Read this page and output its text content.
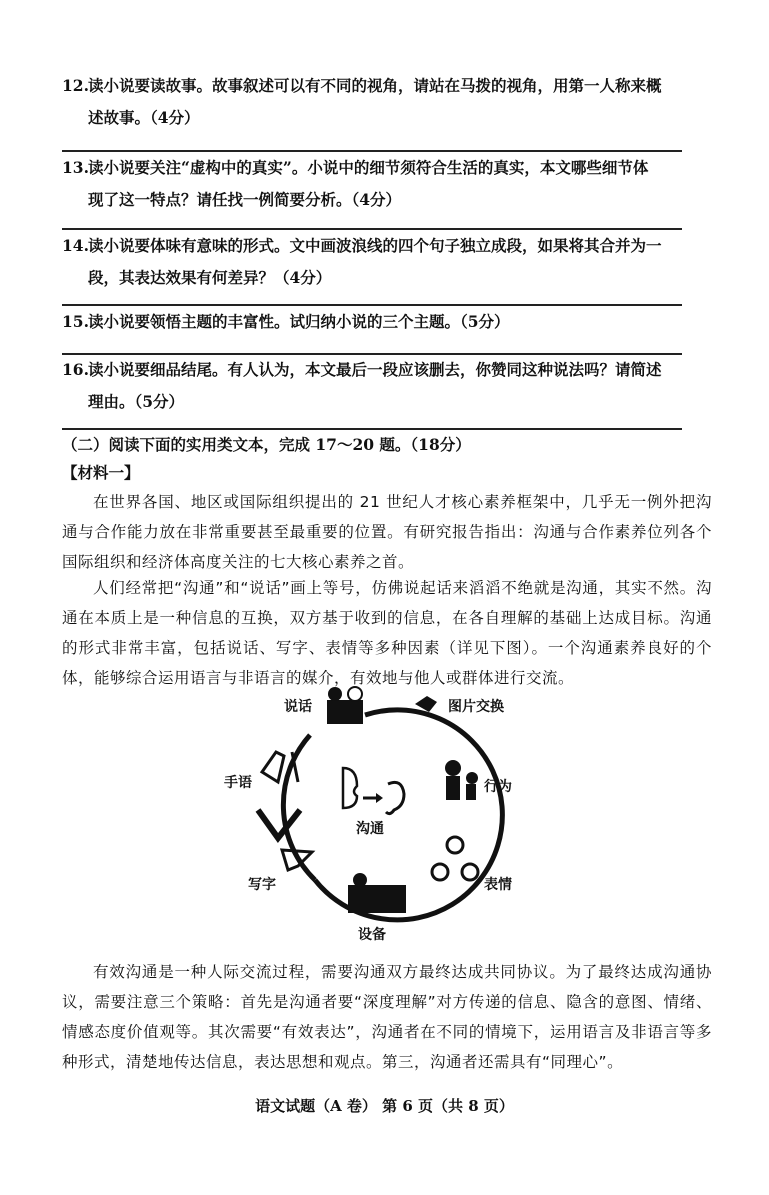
12.读小说要读故事。故事叙述可以有不同的视角，请站在马拨的视角，用第一人称来概
述故事。（4分）
13.读小说要关注“虚构中的真实”。小说中的细节须符合生活的真实，本文哪些细节体
现了这一特点？请任找一例简要分析。（4分）
14.读小说要体味有意味的形式。文中画波浪线的四个句子独立成段，如果将其合并为一
段，其表达效果有何差异？（4分）
15.读小说要领悟主题的丰富性。试归纳小说的三个主题。（5分）
16.读小说要细品结尾。有人认为，本文最后一段应该删去，你赞同这种说法吗？请简述
理由。（5分）
（二）阅读下面的实用类文本，完成 17～20 题。（18分）
【材料一】
在世界各国、地区或国际组织提出的 21 世纪人才核心素养框架中，几乎无一例外把沟通与合作能力放在非常重要甚至最重要的位置。有研究报告指出：沟通与合作素养位列各个国际组织和经济体高度关注的七大核心素养之首。
人们经常把“沟通”和“说话”画上等号，仿佛说起话来滔滔不绝就是沟通，其实不然。沟通在本质上是一种信息的互换，双方基于收到的信息，在各自理解的基础上达成目标。沟通的形式非常丰富，包括说话、写字、表情等多种因素（详见下图）。一个沟通素养良好的个体，能够综合运用语言与非语言的媒介，有效地与他人或群体进行交流。
说话	图片交换
行为
手语
沟通
写字	表情
设备
有效沟通是一种人际交流过程，需要沟通双方最终达成共同协议。为了最终达成沟通协议，需要注意三个策略：首先是沟通者要“深度理解”对方传递的信息、隐含的意图、情绪、情感态度价值观等。其次需要“有效表达”，沟通者在不同的情境下，运用语言及非语言等多种形式，清楚地传达信息，表达思想和观点。第三，沟通者还需具有“同理心”。
语文试题（A 卷） 第 6 页（共 8 页）
